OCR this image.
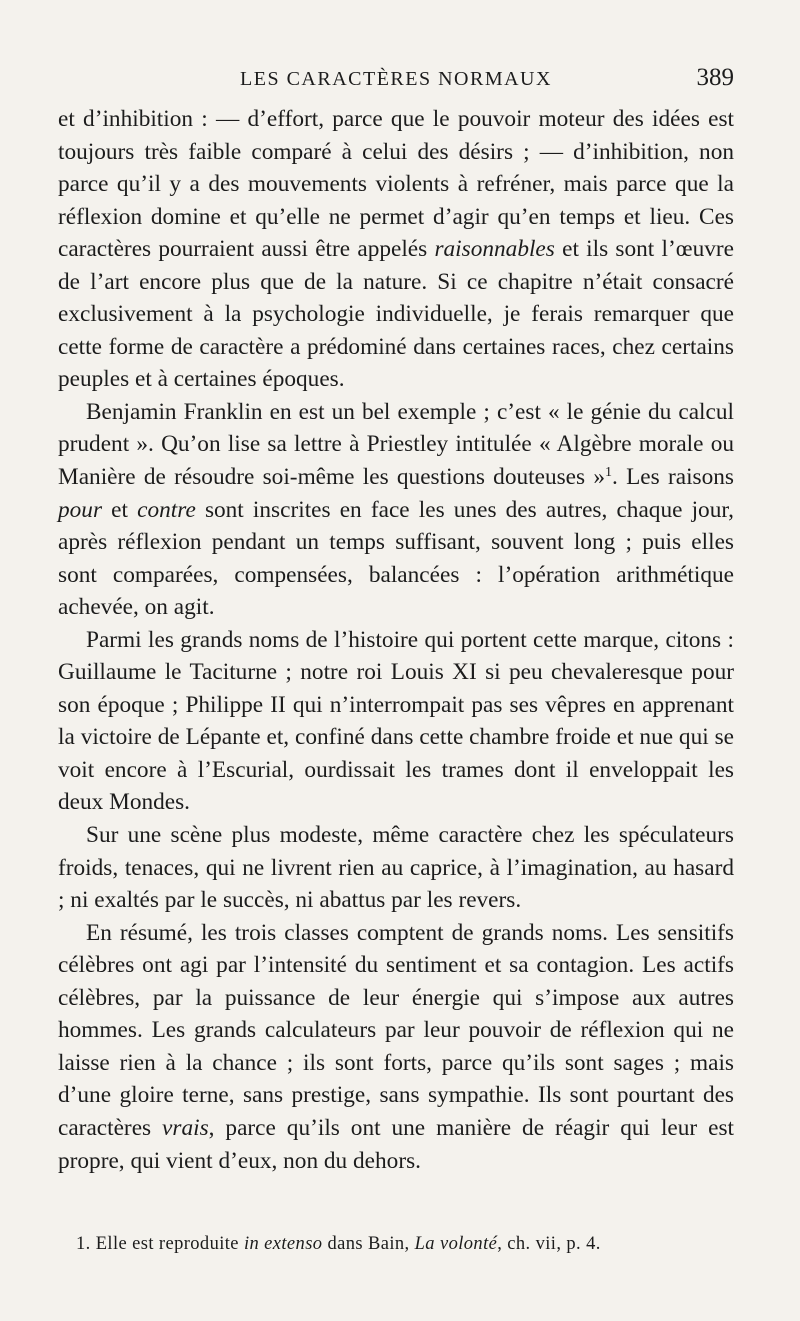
LES CARACTÈRES NORMAUX	389

et d’inhibition : — d’effort, parce que le pouvoir moteur des idées est toujours très faible comparé à celui des désirs ; — d’inhibition, non parce qu’il y a des mouvements violents à refréner, mais parce que la réflexion domine et qu’elle ne permet d’agir qu’en temps et lieu. Ces caractères pourraient aussi être appelés raisonnables et ils sont l’œuvre de l’art encore plus que de la nature. Si ce chapitre n’était consacré exclusivement à la psychologie individuelle, je ferais remarquer que cette forme de caractère a prédominé dans certaines races, chez certains peuples et à certaines époques.

Benjamin Franklin en est un bel exemple ; c’est « le génie du calcul prudent ». Qu’on lise sa lettre à Priestley intitulée « Algèbre morale ou Manière de résoudre soi-même les questions douteuses »$^1$. Les raisons pour et contre sont inscrites en face les unes des autres, chaque jour, après réflexion pendant un temps suffisant, souvent long ; puis elles sont comparées, compensées, balancées : l’opération arithmétique achevée, on agit.

Parmi les grands noms de l’histoire qui portent cette marque, citons : Guillaume le Taciturne ; notre roi Louis XI si peu chevaleresque pour son époque ; Philippe II qui n’interrompait pas ses vêpres en apprenant la victoire de Lépante et, confiné dans cette chambre froide et nue qui se voit encore à l’Escurial, ourdissait les trames dont il enveloppait les deux Mondes.

Sur une scène plus modeste, même caractère chez les spéculateurs froids, tenaces, qui ne livrent rien au caprice, à l’imagination, au hasard ; ni exaltés par le succès, ni abattus par les revers.

En résumé, les trois classes comptent de grands noms. Les sensitifs célèbres ont agi par l’intensité du sentiment et sa contagion. Les actifs célèbres, par la puissance de leur énergie qui s’impose aux autres hommes. Les grands calculateurs par leur pouvoir de réflexion qui ne laisse rien à la chance ; ils sont forts, parce qu’ils sont sages ; mais d’une gloire terne, sans prestige, sans sympathie. Ils sont pourtant des caractères vrais, parce qu’ils ont une manière de réagir qui leur est propre, qui vient d’eux, non du dehors.

1. Elle est reproduite in extenso dans Bain, La volonté, ch. vii, p. 4.
